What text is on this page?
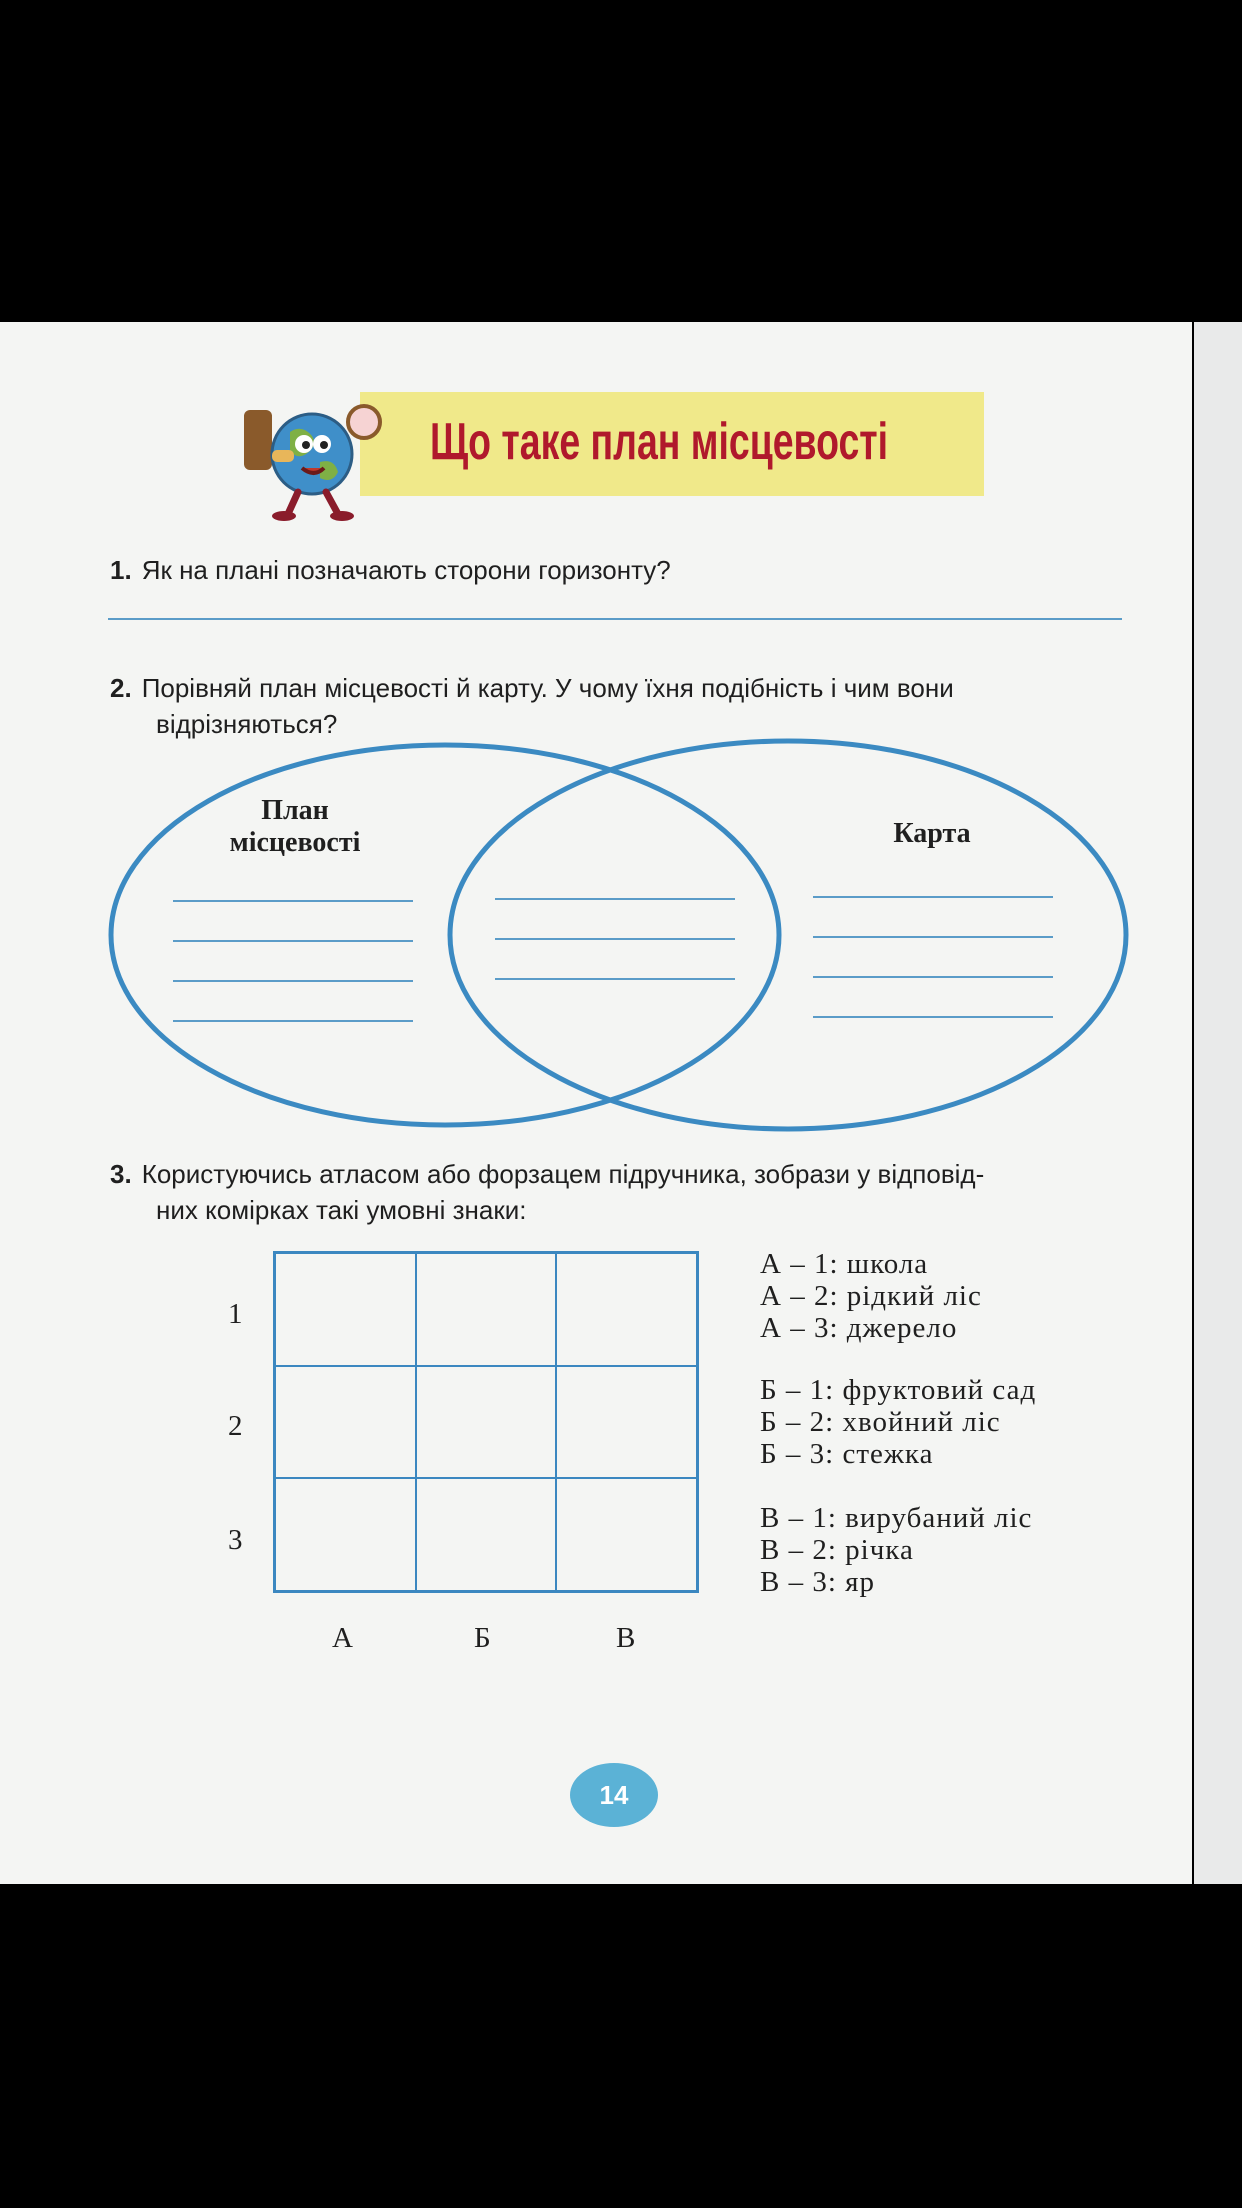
Що таке план місцевості
1. Як на плані позначають сторони горизонту?
2. Порівняй план місцевості й карту. У чому їхня подібність і чим вони
відрізняються?
План
місцевості	Карта
3. Користуючись атласом або форзацем підручника, зобрази у відповід-
них комірках такі умовні знаки:
1
2
3
А	Б	В
А – 1: школа
А – 2: рідкий ліс
А – 3: джерело
Б – 1: фруктовий сад
Б – 2: хвойний ліс
Б – 3: стежка
В – 1: вирубаний ліс
В – 2: річка
В – 3: яр
14
